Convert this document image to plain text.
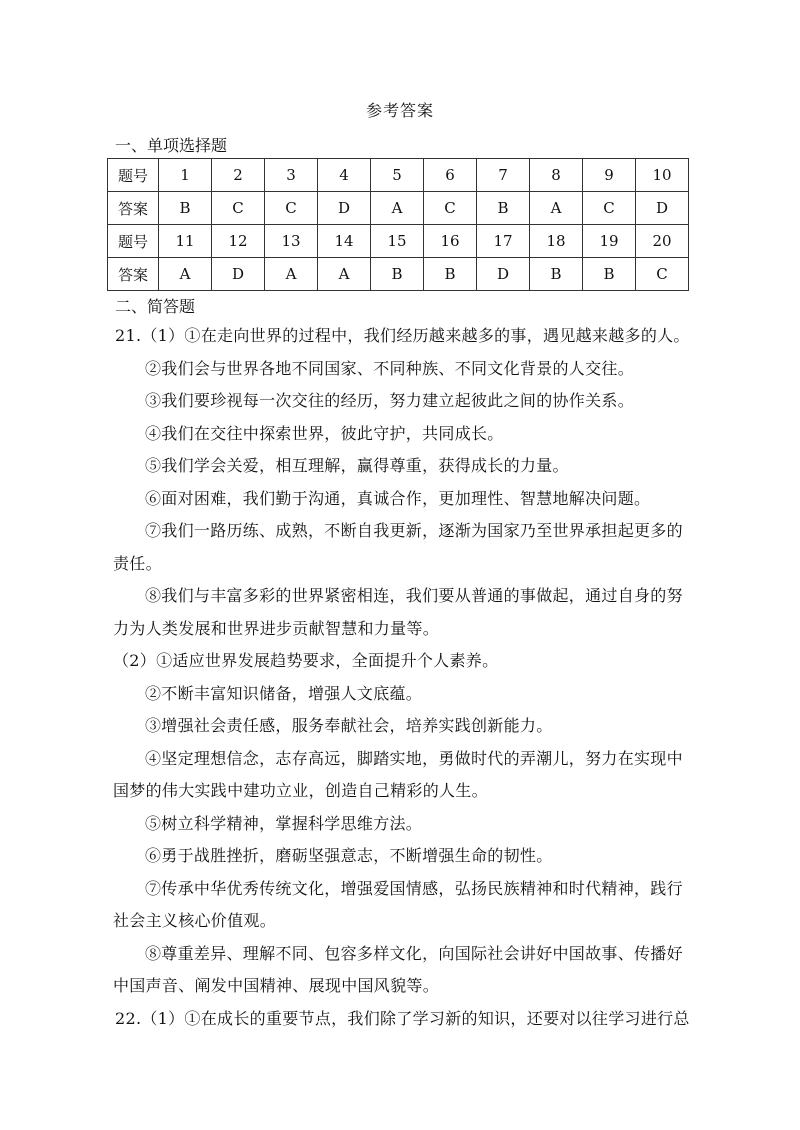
参考答案
一、单项选择题
题号	1	2	3	4	5	6	7	8	9	10
答案	B	C	C	D	A	C	B	A	C	D
题号	11	12	13	14	15	16	17	18	19	20
答案	A	D	A	A	B	B	D	B	B	C
二、简答题
21.（1）①在走向世界的过程中，我们经历越来越多的事，遇见越来越多的人。
②我们会与世界各地不同国家、不同种族、不同文化背景的人交往。
③我们要珍视每一次交往的经历，努力建立起彼此之间的协作关系。
④我们在交往中探索世界，彼此守护，共同成长。
⑤我们学会关爱，相互理解，赢得尊重，获得成长的力量。
⑥面对困难，我们勤于沟通，真诚合作，更加理性、智慧地解决问题。
⑦我们一路历练、成熟，不断自我更新，逐渐为国家乃至世界承担起更多的
责任。
⑧我们与丰富多彩的世界紧密相连，我们要从普通的事做起，通过自身的努
力为人类发展和世界进步贡献智慧和力量等。
（2）①适应世界发展趋势要求，全面提升个人素养。
②不断丰富知识储备，增强人文底蕴。
③增强社会责任感，服务奉献社会，培养实践创新能力。
④坚定理想信念，志存高远，脚踏实地，勇做时代的弄潮儿，努力在实现中
国梦的伟大实践中建功立业，创造自己精彩的人生。
⑤树立科学精神，掌握科学思维方法。
⑥勇于战胜挫折，磨砺坚强意志，不断增强生命的韧性。
⑦传承中华优秀传统文化，增强爱国情感，弘扬民族精神和时代精神，践行
社会主义核心价值观。
⑧尊重差异、理解不同、包容多样文化，向国际社会讲好中国故事、传播好
中国声音、阐发中国精神、展现中国风貌等。
22.（1）①在成长的重要节点，我们除了学习新的知识，还要对以往学习进行总
